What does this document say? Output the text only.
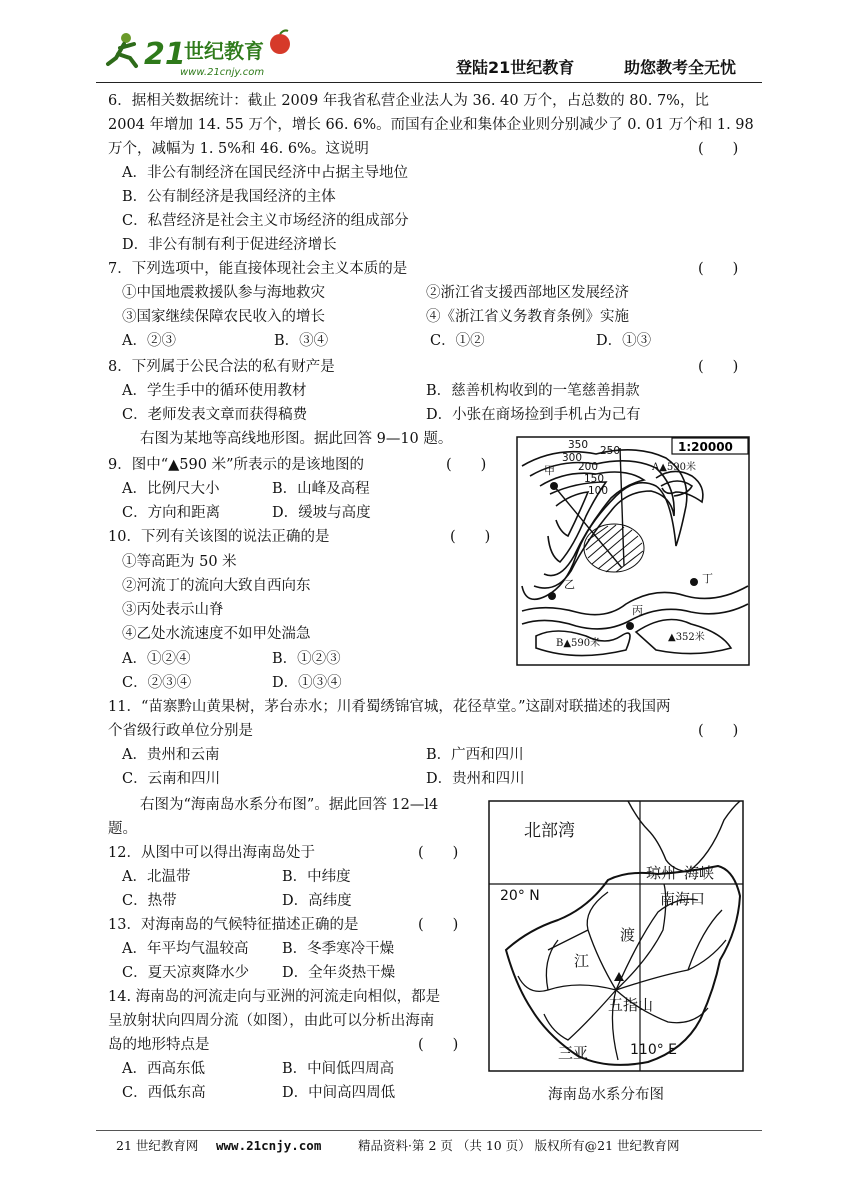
21
世纪教育
www.21cnjy.com	登陆21世纪教育	助您教考全无忧
6．据相关数据统计：截止 2009 年我省私营企业法人为 36. 40 万个，占总数的 80. 7%，比
2004 年增加 14. 55 万个，增长 66. 6%。而国有企业和集体企业则分别减少了 0. 01 万个和 1. 98
万个，减幅为 1. 5%和 46. 6%。这说明	(　　)
A．非公有制经济在国民经济中占据主导地位
B．公有制经济是我国经济的主体
C．私营经济是社会主义市场经济的组成部分
D．非公有制有利于促进经济增长
7．下列选项中，能直接体现社会主义本质的是	(　　)
①中国地震救援队参与海地救灾	②浙江省支援西部地区发展经济
③国家继续保障农民收入的增长	④《浙江省义务教育条例》实施
A．②③	B．③④	C．①②	D．①③
8．下列属于公民合法的私有财产是	(　　)
A．学生手中的循环使用教材	B．慈善机构收到的一笔慈善捐款
C．老师发表文章而获得稿费	D．小张在商场捡到手机占为己有
右图为某地等高线地形图。据此回答 9—10 题。
9．图中“▲590 米”所表示的是该地图的	(　　)
A．比例尺大小	B．山峰及高程
C．方向和距离	D．缓坡与高度
10．下列有关该图的说法正确的是	(　　)
①等高距为 50 米
②河流丁的流向大致自西向东
③丙处表示山脊
④乙处水流速度不如甲处湍急
A．①②④	B．①②③
C．②③④	D．①③④
1:20000
350
300
250
200
150
100
甲
乙
丙
丁
A▲590米
B▲590米
▲352米
11．“苗寨黔山黄果树，茅台赤水；川肴蜀绣锦官城，花径草堂。”这副对联描述的我国两
个省级行政单位分别是	(　　)
A．贵州和云南	B．广西和四川
C．云南和四川	D．贵州和四川
右图为“海南岛水系分布图”。据此回答 12—l4
题。
12．从图中可以得出海南岛处于	(　　)
A．北温带	B．中纬度
C．热带	D．高纬度
13．对海南岛的气候特征描述正确的是	(　　)
A．年平均气温较高 B．冬季寒冷干燥
C．夏天凉爽降水少 D．全年炎热干燥
14. 海南岛的河流走向与亚洲的河流走向相似，都是
呈放射状向四周分流（如图），由此可以分析出海南
岛的地形特点是	(　　)
A．西高东低	B．中间低四周高
C．西低东高	D．中间高四周低
北部湾
琼州 海峡
20° N	南海口
渡
江
五指山
三亚	110° E
海南岛水系分布图
21 世纪教育网 www.21cnjy.com	精品资料·第 2 页 （共 10 页） 版权所有@21 世纪教育网
